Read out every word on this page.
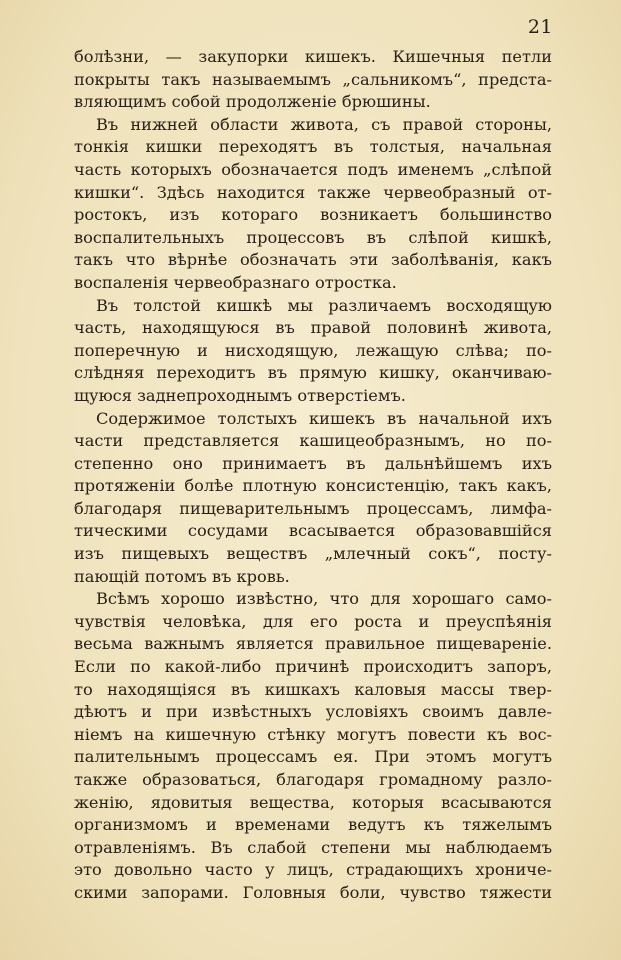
21
болѣзни, — закупорки кишекъ. Кишечныя петли
покрыты такъ называемымъ „сальникомъ“, предста-
вляющимъ собой продолженіе брюшины.
Въ нижней области живота, съ правой стороны,
тонкія кишки переходятъ въ толстыя, начальная
часть которыхъ обозначается подъ именемъ „слѣпой
кишки“. Здѣсь находится также червеобразный от-
ростокъ, изъ котораго возникаетъ большинство
воспалительныхъ процессовъ въ слѣпой кишкѣ,
такъ что вѣрнѣе обозначать эти заболѣванія, какъ
воспаленія червеобразнаго отростка.
Въ толстой кишкѣ мы различаемъ восходящую
часть, находящуюся въ правой половинѣ живота,
поперечную и нисходящую, лежащую слѣва; по-
слѣдняя переходитъ въ прямую кишку, оканчиваю-
щуюся заднепроходнымъ отверстіемъ.
Содержимое толстыхъ кишекъ въ начальной ихъ
части представляется кашицеобразнымъ, но по-
степенно оно принимаетъ въ дальнѣйшемъ ихъ
протяженіи болѣе плотную консистенцію, такъ какъ,
благодаря пищеварительнымъ процессамъ, лимфа-
тическими сосудами всасывается образовавшійся
изъ пищевыхъ веществъ „млечный сокъ“, посту-
пающій потомъ въ кровь.
Всѣмъ хорошо извѣстно, что для хорошаго само-
чувствія человѣка, для его роста и преуспѣянія
весьма важнымъ является правильное пищевареніе.
Если по какой-либо причинѣ происходитъ запоръ,
то находящіяся въ кишкахъ каловыя массы твер-
дѣютъ и при извѣстныхъ условіяхъ своимъ давле-
ніемъ на кишечную стѣнку могутъ повести къ вос-
палительнымъ процессамъ ея. При этомъ могутъ
также образоваться, благодаря громадному разло-
женію, ядовитыя вещества, которыя всасываются
организмомъ и временами ведутъ къ тяжелымъ
отравленіямъ. Въ слабой степени мы наблюдаемъ
это довольно часто у лицъ, страдающихъ хрониче-
скими запорами. Головныя боли, чувство тяжести
